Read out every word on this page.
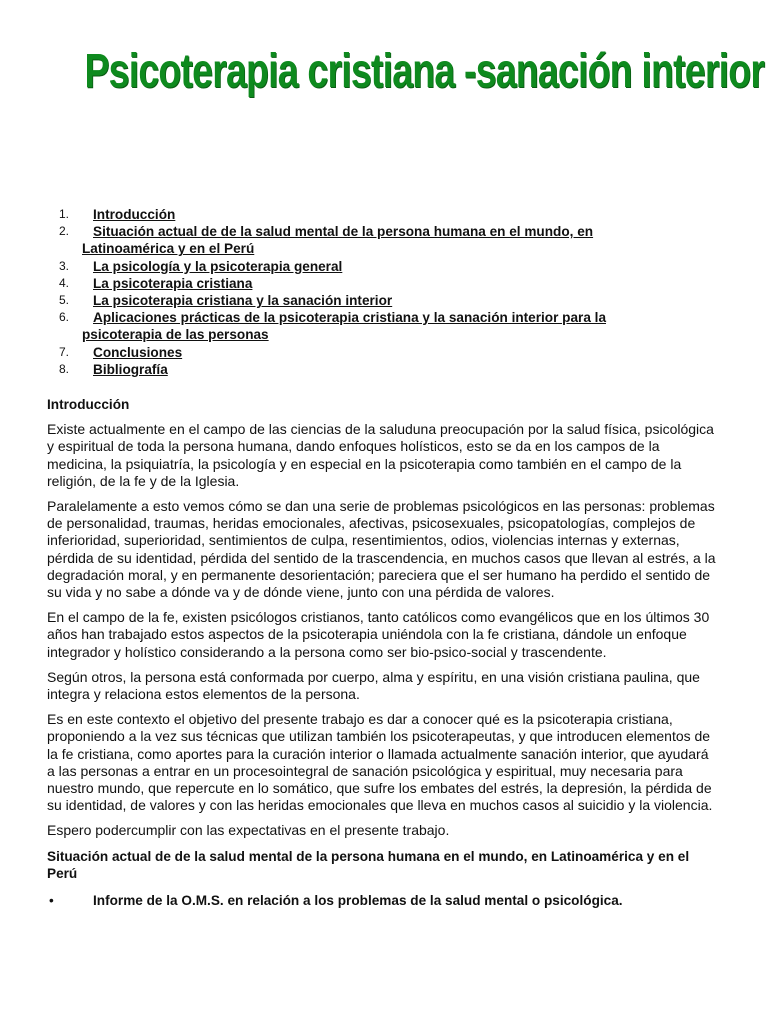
Psicoterapia cristiana -sanación interior
1. Introducción
2. Situación actual de de la salud mental de la persona humana en el mundo, en
Latinoamérica y en el Perú
3. La psicología y la psicoterapia general
4. La psicoterapia cristiana
5. La psicoterapia cristiana y la sanación interior
6. Aplicaciones prácticas de la psicoterapia cristiana y la sanación interior para la
psicoterapia de las personas
7. Conclusiones
8. Bibliografía
Introducción

Existe actualmente en el campo de las ciencias de la saluduna preocupación por la salud física, psicológica y espiritual de toda la persona humana, dando enfoques holísticos, esto se da en los campos de la medicina, la psiquiatría, la psicología y en especial en la psicoterapia como también en el campo de la religión, de la fe y de la Iglesia.

Paralelamente a esto vemos cómo se dan una serie de problemas psicológicos en las personas: problemas de personalidad, traumas, heridas emocionales, afectivas, psicosexuales, psicopatologías, complejos de inferioridad, superioridad, sentimientos de culpa, resentimientos, odios, violencias internas y externas, pérdida de su identidad, pérdida del sentido de la trascendencia, en muchos casos que llevan al estrés, a la degradación moral, y en permanente desorientación; pareciera que el ser humano ha perdido el sentido de su vida y no sabe a dónde va y de dónde viene, junto con una pérdida de valores.

En el campo de la fe, existen psicólogos cristianos, tanto católicos como evangélicos que en los últimos 30 años han trabajado estos aspectos de la psicoterapia uniéndola con la fe cristiana, dándole un enfoque integrador y holístico considerando a la persona como ser bio-psico-social y trascendente.

Según otros, la persona está conformada por cuerpo, alma y espíritu, en una visión cristiana paulina, que integra y relaciona estos elementos de la persona.

Es en este contexto el objetivo del presente trabajo es dar a conocer qué es la psicoterapia cristiana, proponiendo a la vez sus técnicas que utilizan también los psicoterapeutas, y que introducen elementos de la fe cristiana, como aportes para la curación interior o llamada actualmente sanación interior, que ayudará a las personas a entrar en un procesointegral de sanación psicológica y espiritual, muy necesaria para nuestro mundo, que repercute en lo somático, que sufre los embates del estrés, la depresión, la pérdida de su identidad, de valores y con las heridas emocionales que lleva en muchos casos al suicidio y la violencia.

Espero podercumplir con las expectativas en el presente trabajo.

Situación actual de de la salud mental de la persona humana en el mundo, en Latinoamérica y en el Perú
•	Informe de la O.M.S. en relación a los problemas de la salud mental o psicológica.
